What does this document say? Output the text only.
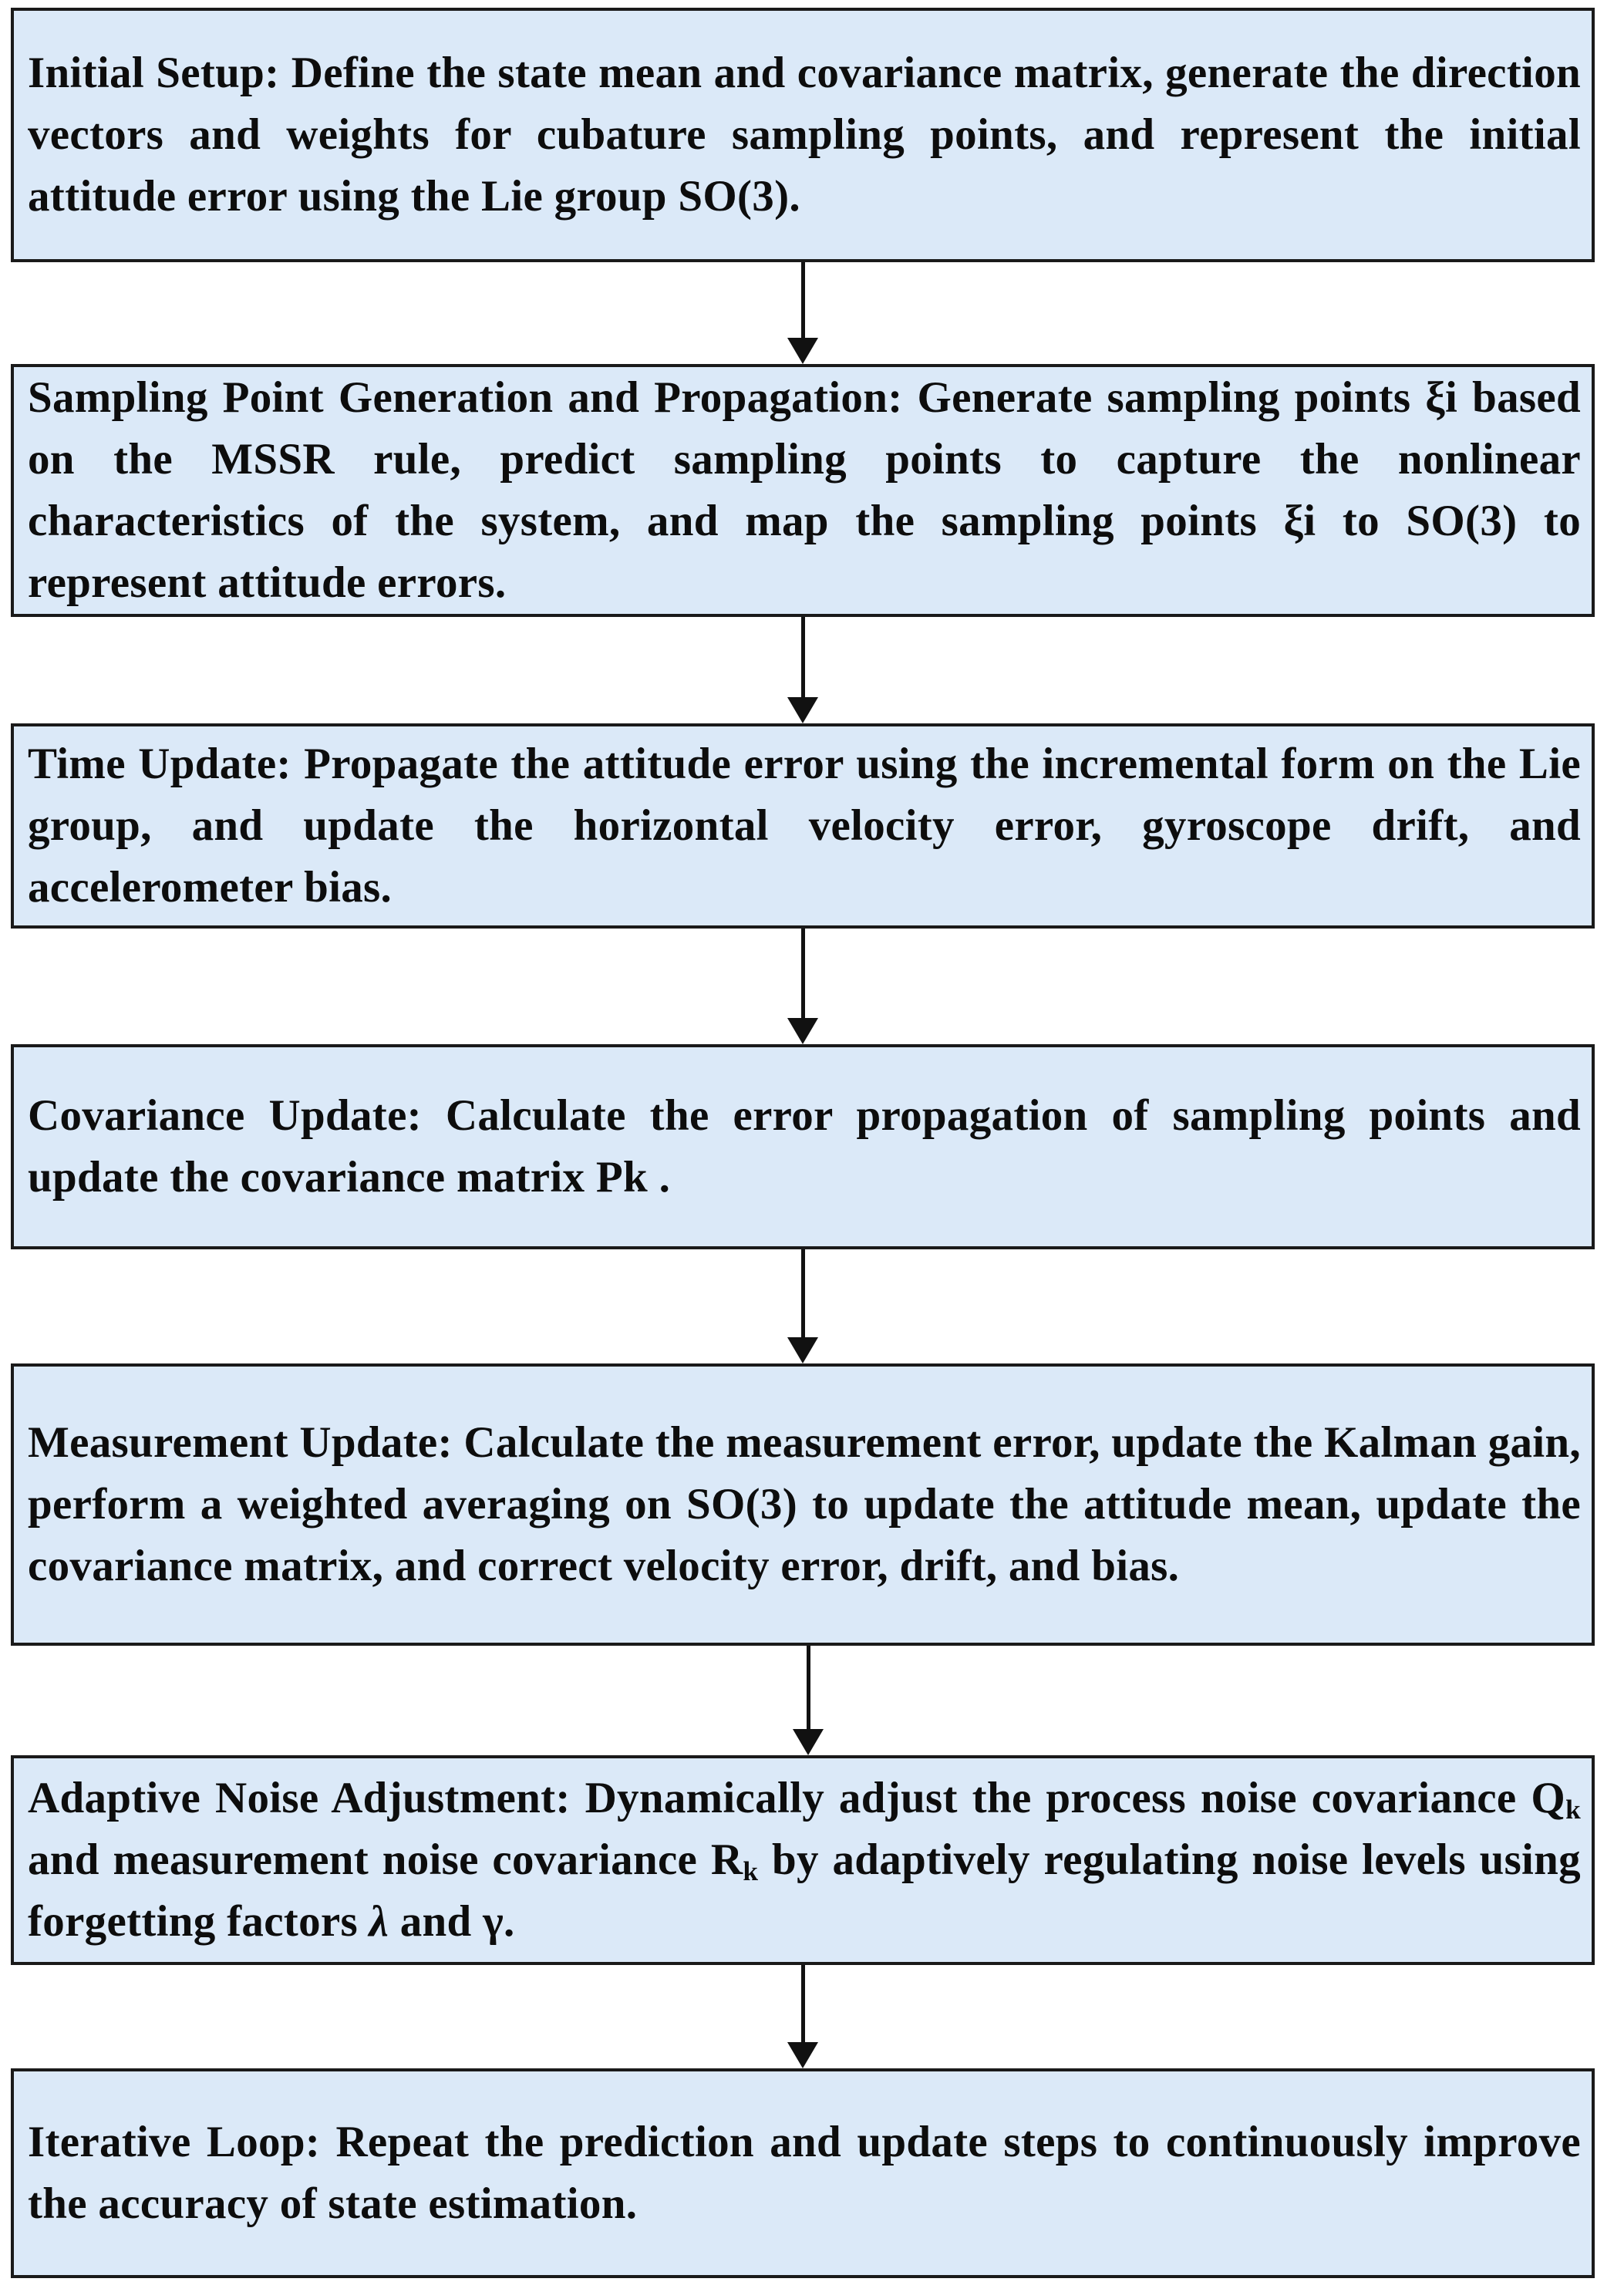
Initial Setup: Define the state mean and covariance matrix, generate the direction vectors and weights for cubature sampling points, and represent the initial attitude error using the Lie group SO(3).
Sampling Point Generation and Propagation: Generate sampling points ξi based on the MSSR rule, predict sampling points to capture the nonlinear characteristics of the system, and map the sampling points ξi to SO(3) to represent attitude errors.
Time Update: Propagate the attitude error using the incremental form on the Lie group, and update the horizontal velocity error, gyroscope drift, and accelerometer bias.
Covariance Update: Calculate the error propagation of sampling points and update the covariance matrix Pk .
Measurement Update: Calculate the measurement error, update the Kalman gain, perform a weighted averaging on SO(3) to update the attitude mean, update the covariance matrix, and correct velocity error, drift, and bias.
Adaptive Noise Adjustment: Dynamically adjust the process noise covariance $Q_k$ and measurement noise covariance $R_k$ by adaptively regulating noise levels using forgetting factors λ and γ.
Iterative Loop: Repeat the prediction and update steps to continuously improve the accuracy of state estimation.
